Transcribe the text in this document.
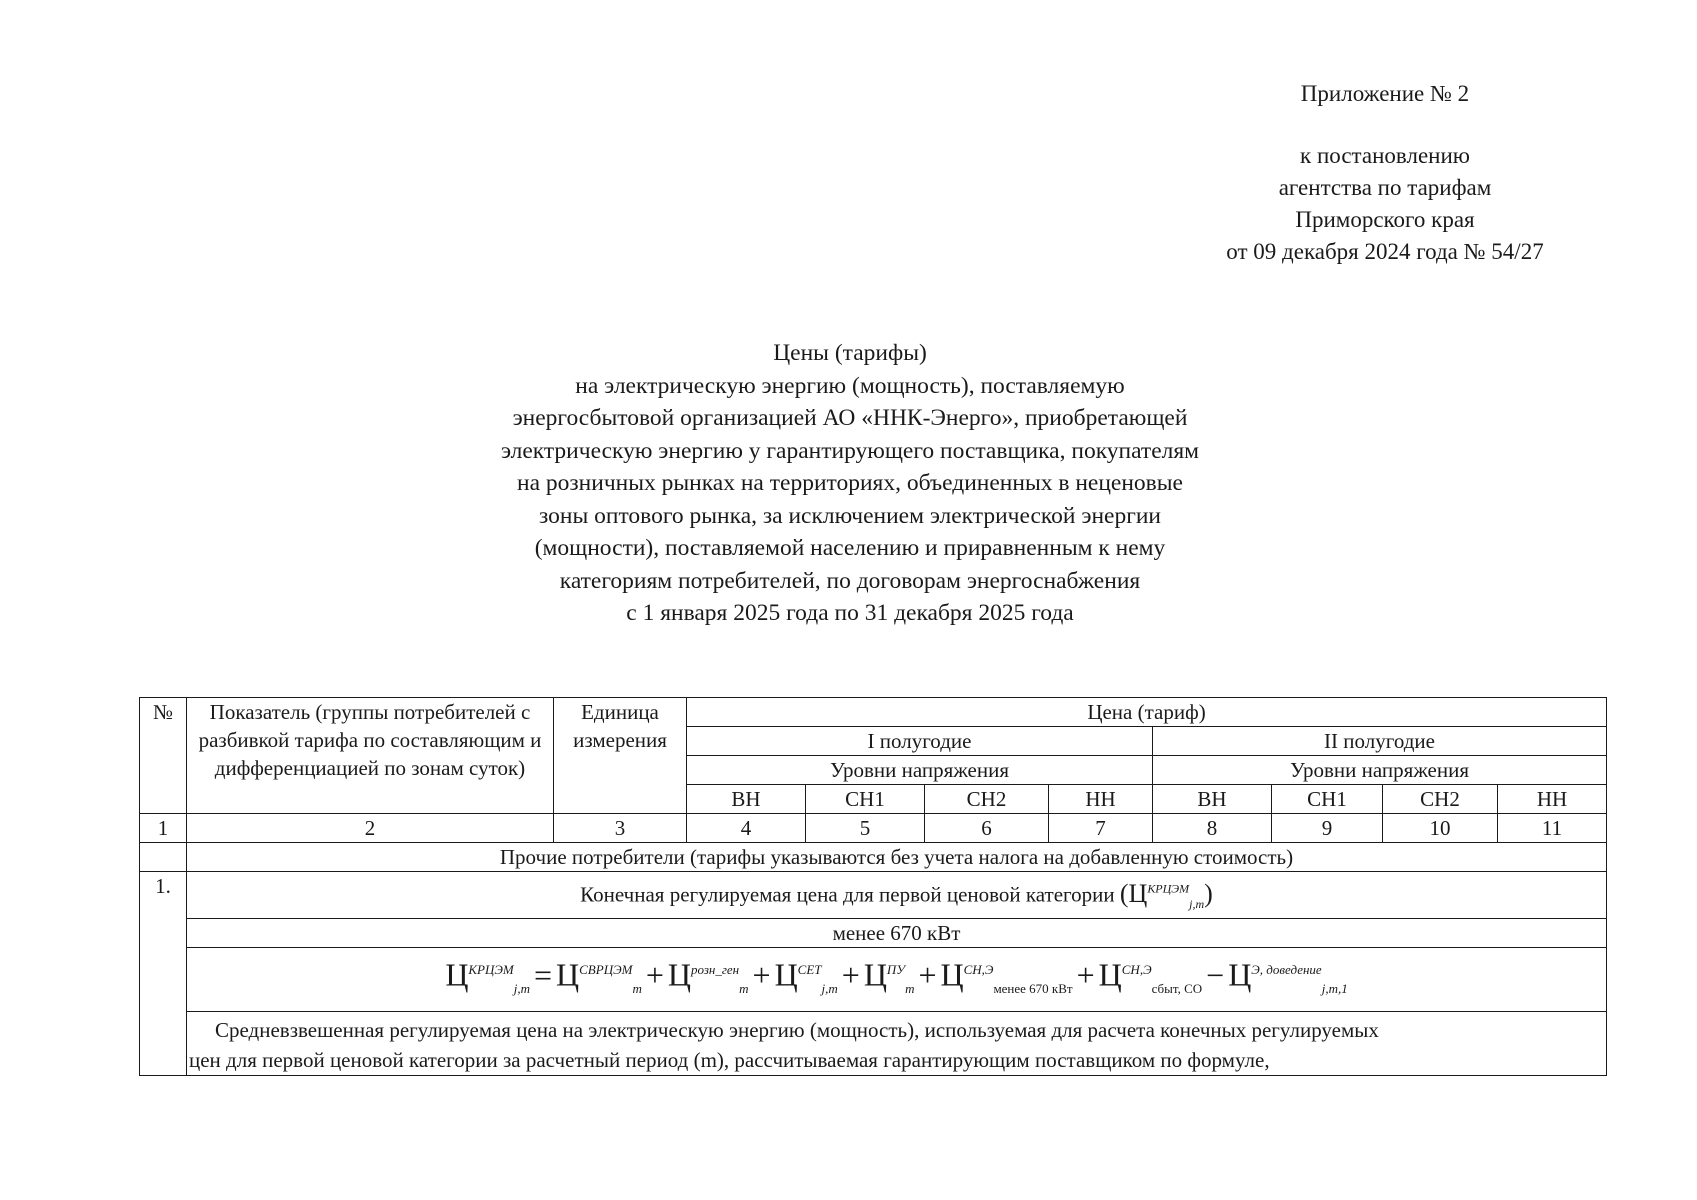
Приложение № 2
к постановлению
агентства по тарифам
Приморского края
от 09 декабря 2024 года № 54/27
Цены (тарифы)
на электрическую энергию (мощность), поставляемую
энергосбытовой организацией АО «ННК-Энерго», приобретающей
электрическую энергию у гарантирующего поставщика, покупателям
на розничных рынках на территориях, объединенных в неценовые
зоны оптового рынка, за исключением электрической энергии
(мощности), поставляемой населению и приравненным к нему
категориям потребителей, по договорам энергоснабжения
с 1 января 2025 года по 31 декабря 2025 года
№	Показатель (группы потребителей с разбивкой тарифа по составляющим и дифференциацией по зонам суток)	Единица измерения	Цена (тариф)							
			I полугодие				II полугодие			
			Уровни напряжения				Уровни напряжения			
			ВН	СН1	СН2	НН	ВН	СН1	СН2	НН
1	2	3	4	5	6	7	8	9	10	11
	Прочие потребители (тарифы указываются без учета налога на добавленную стоимость)									
1.	Конечная регулируемая цена для первой ценовой категории $(Ц^{КРЦЭМ}_{j,m})$									
	менее 670 кВт									
	$Ц^{КРЦЭМ}_{j,m} = Ц^{СВРЦЭМ}_m + Ц^{розн\_ген}_m + Ц^{СЕТ}_{j,m} + Ц^{ПУ}_m + Ц^{СН,Э}_{менее 670 кВт} + Ц^{СН,Э}_{сбыт, СО} - Ц^{Э, доведение}_{j,m,1}$

	Средневзвешенная регулируемая цена на электрическую энергию (мощность), используемая для расчета конечных регулируемых
цен для первой ценовой категории за расчетный период (m), рассчитываемая гарантирующим поставщиком по формуле,									
